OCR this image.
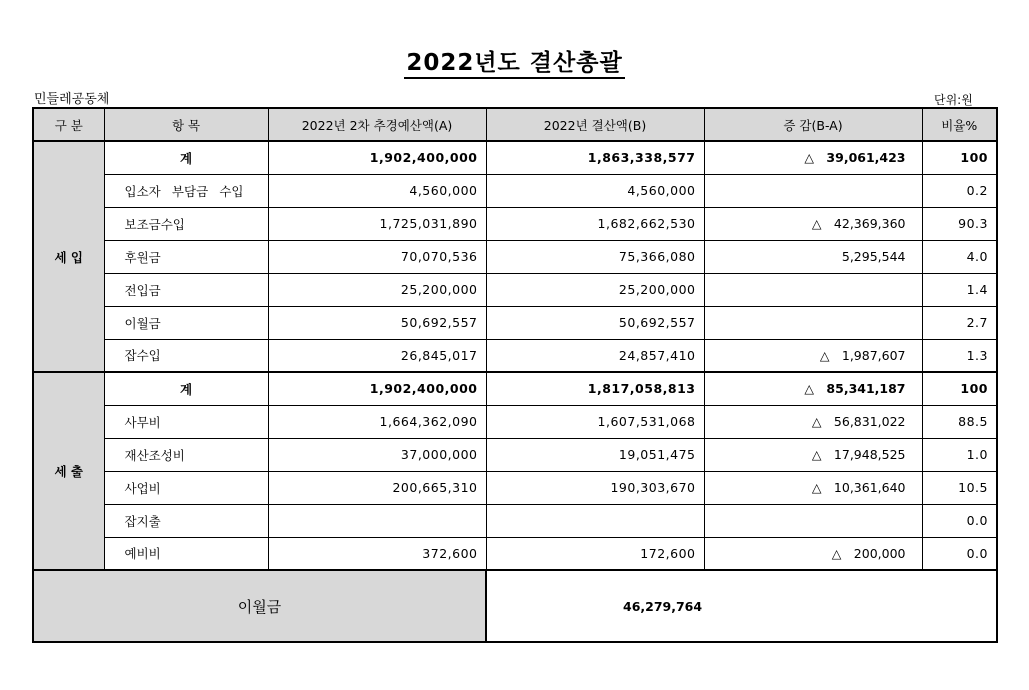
2022년도 결산총괄
민들레공동체	단위:원
구 분	항 목	2022년 2차 추경예산액(A)	2022년 결산액(B)	증 감(B-A)	비율%
세 입	계	1,902,400,000	1,863,338,577	△ 39,061,423	100
	입소자 부담금 수입	4,560,000	4,560,000		0.2
	보조금수입	1,725,031,890	1,682,662,530	△ 42,369,360	90.3
	후원금	70,070,536	75,366,080	5,295,544	4.0
	전입금	25,200,000	25,200,000		1.4
	이월금	50,692,557	50,692,557		2.7
	잡수입	26,845,017	24,857,410	△ 1,987,607	1.3
세 출	계	1,902,400,000	1,817,058,813	△ 85,341,187	100
	사무비	1,664,362,090	1,607,531,068	△ 56,831,022	88.5
	재산조성비	37,000,000	19,051,475	△ 17,948,525	1.0
	사업비	200,665,310	190,303,670	△ 10,361,640	10.5
	잡지출				0.0
	예비비	372,600	172,600	△ 200,000	0.0
이월금			46,279,764		
